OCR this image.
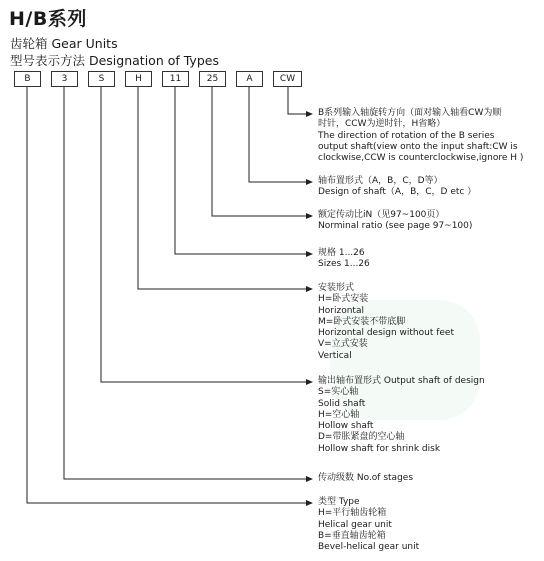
H/B系列
齿轮箱 Gear Units
型号表示方法 Designation of Types
B	3	S	H	11	25	A	CW
B系列输入轴旋转方向（面对输入轴看CW为顺
时针，CCW为逆时针，H省略）
The direction of rotation of the B series
output shaft(view onto the input shaft:CW is
clockwise,CCW is counterclockwise,ignore H )
轴布置形式（A，B，C，D等）
Design of shaft（A，B，C，D etc ）
额定传动比iN（见97~100页）
Norminal ratio (see page 97~100)
规格 1...26
Sizes 1...26
安装形式
H=卧式安装
Horizontal
M=卧式安装不带底脚
Horizontal design without feet
V=立式安装
Vertical
输出轴布置形式 Output shaft of design
S=实心轴
Solid shaft
H=空心轴
Hollow shaft
D=带胀紧盘的空心轴
Hollow shaft for shrink disk
传动级数 No.of stages
类型 Type
H=平行轴齿轮箱
Helical gear unit
B=垂直轴齿轮箱
Bevel-helical gear unit
